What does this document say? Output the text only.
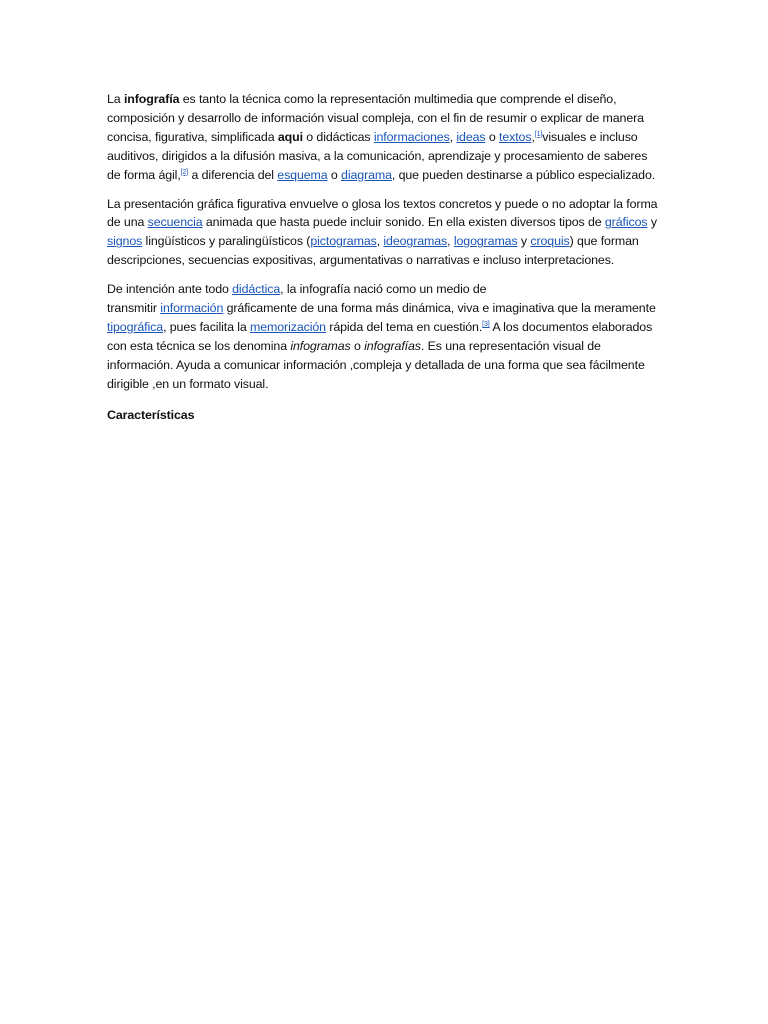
La infografía es tanto la técnica como la representación multimedia que comprende el diseño, composición y desarrollo de información visual compleja, con el fin de resumir o explicar de manera concisa, figurativa, simplificada aqui o didácticas informaciones, ideas o textos,[1]visuales e incluso auditivos, dirigidos a la difusión masiva, a la comunicación, aprendizaje y procesamiento de saberes de forma ágil,[2] a diferencia del esquema o diagrama, que pueden destinarse a público especializado.

La presentación gráfica figurativa envuelve o glosa los textos concretos y puede o no adoptar la forma de una secuencia animada que hasta puede incluir sonido. En ella existen diversos tipos de gráficos y signos lingüísticos y paralingüísticos (pictogramas, ideogramas, logogramas y croquis) que forman descripciones, secuencias expositivas, argumentativas o narrativas e incluso interpretaciones.

De intención ante todo didáctica, la infografía nació como un medio de
transmitir información gráficamente de una forma más dinámica, viva e imaginativa que la meramente tipográfica, pues facilita la memorización rápida del tema en cuestión.[3] A los documentos elaborados con esta técnica se los denomina infogramas o infografías. Es una representación visual de información. Ayuda a comunicar información ,compleja y detallada de una forma que sea fácilmente dirigible ,en un formato visual.

Características
